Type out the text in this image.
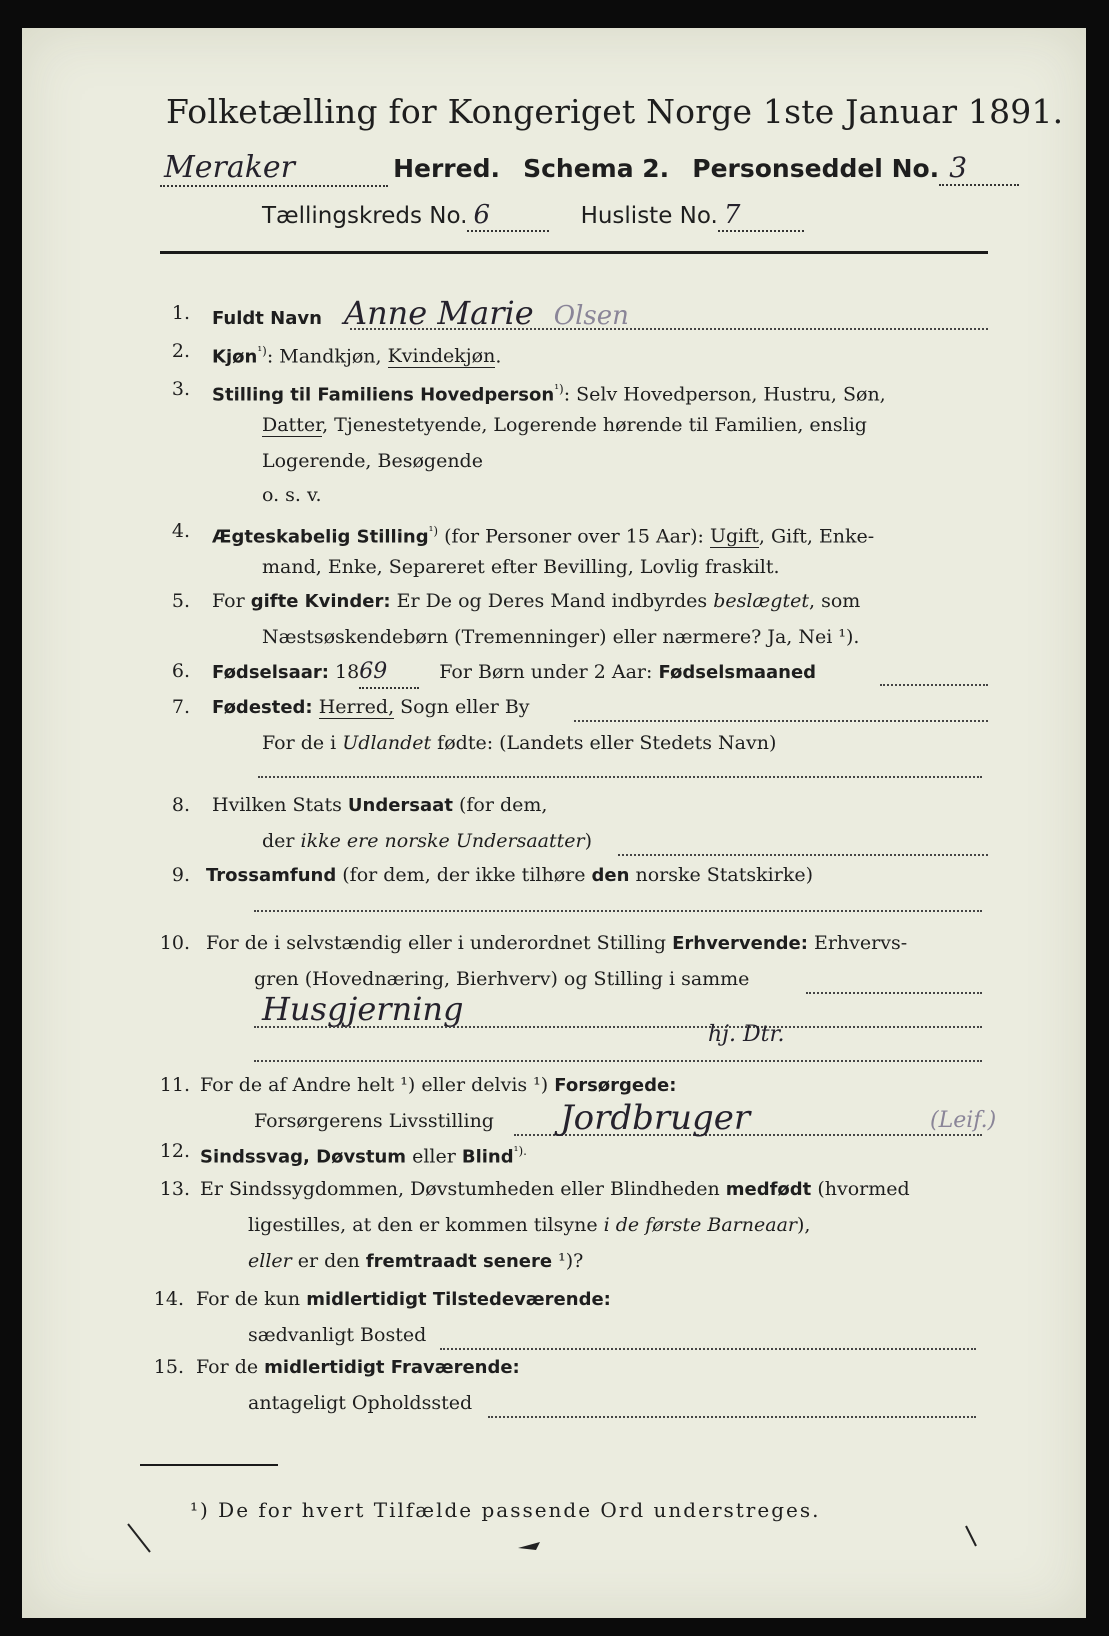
Folketælling for Kongeriget Norge 1ste Januar 1891.
Meraker	Herred. Schema 2. Personseddel No. 3
Tællingskreds No. 6	Husliste No. 7
1. Fuldt Navn Anne Marie Olsen
2. Kjøn$^{^1)}$: Mandkjøn, Kvindekjøn.
3. Stilling til Familiens Hovedperson$^{^1)}$: Selv Hovedperson, Hustru, Søn,
Datter, Tjenestetyende, Logerende hørende til Familien, enslig
Logerende, Besøgende
o. s. v.
4. Ægteskabelig Stilling$^{^1)}$ (for Personer over 15 Aar): Ugift, Gift, Enke-
mand, Enke, Separeret efter Bevilling, Lovlig fraskilt.
5. For gifte Kvinder: Er De og Deres Mand indbyrdes beslægtet, som
Næstsøskendebørn (Tremenninger) eller nærmere? Ja, Nei ¹).
6. Fødselsaar: 1869	For Børn under 2 Aar: Fødselsmaaned
7. Fødested: Herred, Sogn eller By
For de i Udlandet fødte: (Landets eller Stedets Navn)
8. Hvilken Stats Undersaat (for dem,
der ikke ere norske Undersaatter)
9. Trossamfund (for dem, der ikke tilhøre den norske Statskirke)
10. For de i selvstændig eller i underordnet Stilling Erhvervende: Erhvervs-
gren (Hovednæring, Bierhverv) og Stilling i samme
Husgjerning
hj. Dtr.
11. For de af Andre helt ¹) eller delvis ¹) Forsørgede:
Forsørgerens Livsstilling Jordbruger	(Leif.)
12. Sindssvag, Døvstum eller Blind$^{^1).}$
13. Er Sindssygdommen, Døvstumheden eller Blindheden medfødt (hvormed
ligestilles, at den er kommen tilsyne i de første Barneaar),
eller er den fremtraadt senere ¹)?
14. For de kun midlertidigt Tilstedeværende:
sædvanligt Bosted
15. For de midlertidigt Fraværende:
antageligt Opholdssted
¹) De for hvert Tilfælde passende Ord understreges.
